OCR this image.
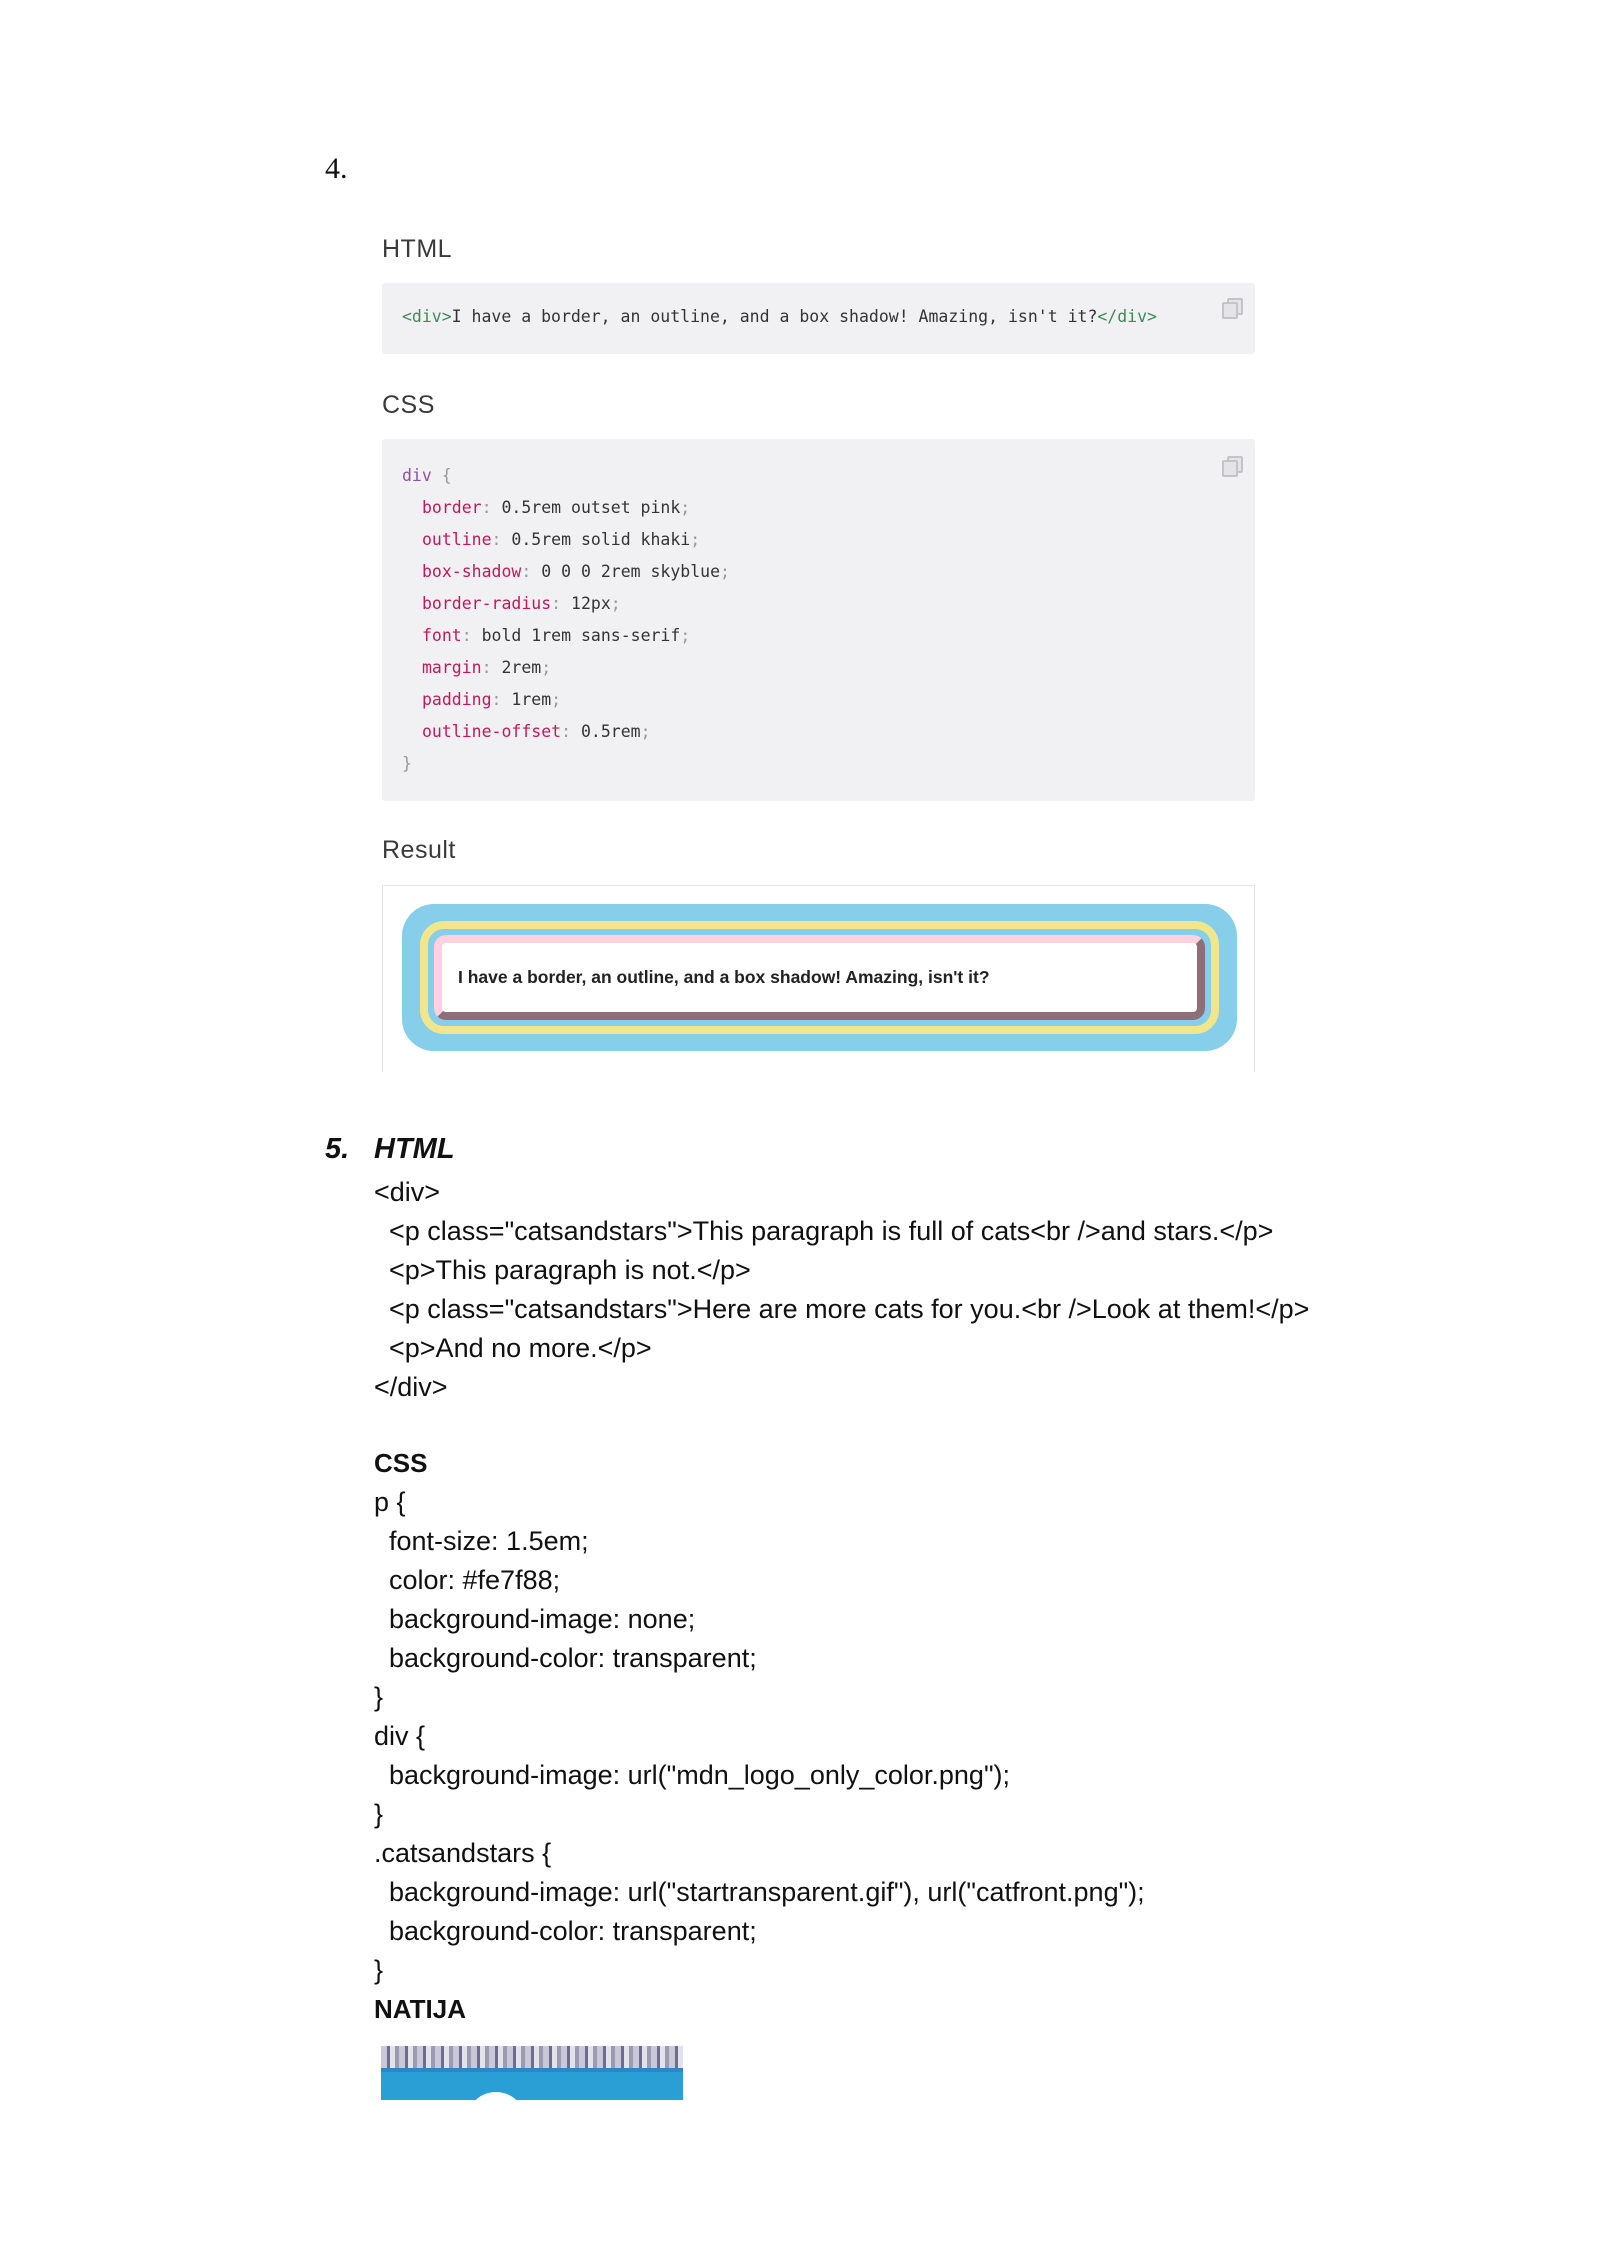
4.
HTML
<div>I have a border, an outline, and a box shadow! Amazing, isn't it?</div>
CSS
div {
border: 0.5rem outset pink;
outline: 0.5rem solid khaki;
box-shadow: 0 0 0 2rem skyblue;
border-radius: 12px;
font: bold 1rem sans-serif;
margin: 2rem;
padding: 1rem;
outline-offset: 0.5rem;
}
Result
I have a border, an outline, and a box shadow! Amazing, isn't it?
5. HTML
<div>
<p class="catsandstars">This paragraph is full of cats<br />and stars.</p>
<p>This paragraph is not.</p>
<p class="catsandstars">Here are more cats for you.<br />Look at them!</p>
<p>And no more.</p>
</div>
CSS
p {
font-size: 1.5em;
color: #fe7f88;
background-image: none;
background-color: transparent;
}
div {
background-image: url("mdn_logo_only_color.png");
}
.catsandstars {
background-image: url("startransparent.gif"), url("catfront.png");
background-color: transparent;
}
NATIJA
